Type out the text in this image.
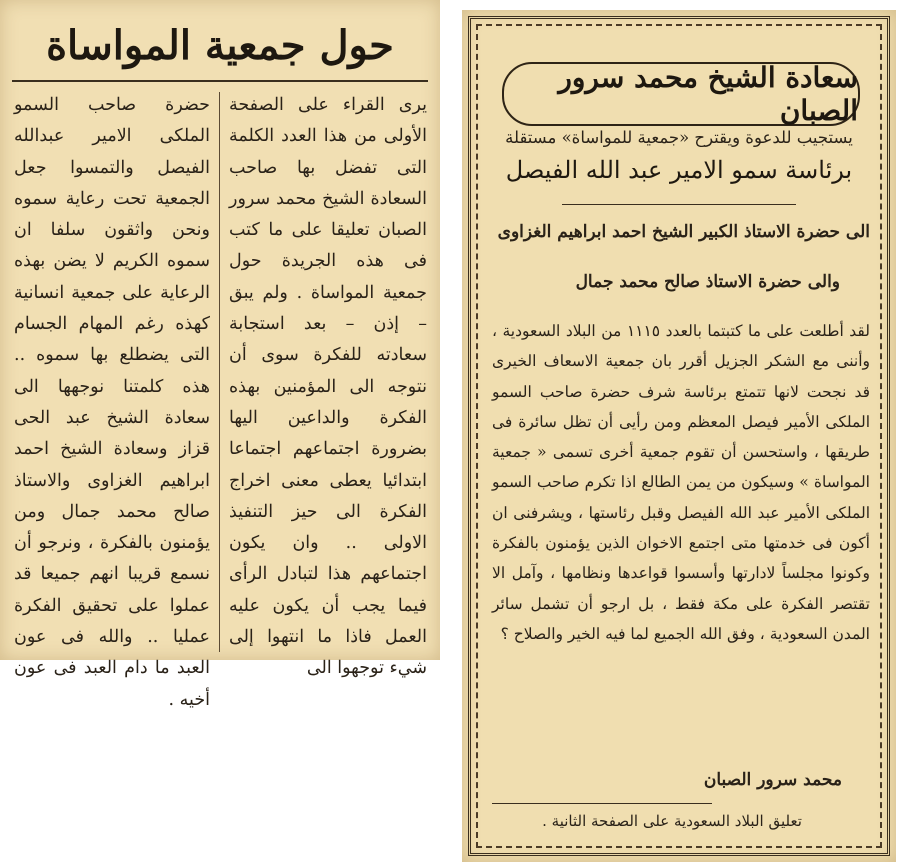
حول جمعية المواساة

يرى القراء على الصفحة الأولى من هذا العدد الكلمة التى تفضل بها صاحب السعادة الشيخ محمد سرور الصبان تعليقا على ما كتب فى هذه الجريدة حول جمعية المواساة . ولم يبق – إذن – بعد استجابة سعادته للفكرة سوى أن نتوجه الى المؤمنين بهذه الفكرة والداعين اليها بضرورة اجتماعهم اجتماعا ابتدائيا يعطى معنى اخراج الفكرة الى حيز التنفيذ الاولى .. وان يكون اجتماعهم هذا لتبادل الرأى فيما يجب أن يكون عليه العمل فاذا ما انتهوا إلى شيء توجهوا الى

حضرة صاحب السمو الملكى الامير عبدالله الفيصل والتمسوا جعل الجمعية تحت رعاية سموه ونحن واثقون سلفا ان سموه الكريم لا يضن بهذه الرعاية على جمعية انسانية كهذه رغم المهام الجسام التى يضطلع بها سموه .. هذه كلمتنا نوجهها الى سعادة الشيخ عبد الحى قزاز وسعادة الشيخ احمد ابراهيم الغزاوى والاستاذ صالح محمد جمال ومن يؤمنون بالفكرة ، ونرجو أن نسمع قريبا انهم جميعا قد عملوا على تحقيق الفكرة عمليا .. والله فى عون العبد ما دام العبد فى عون أخيه .

سعادة الشيخ محمد سرور الصبان
يستجيب للدعوة ويقترح «جمعية للمواساة» مستقلة
برئاسة سمو الامير عبد الله الفيصل
الى حضرة الاستاذ الكبير الشيخ احمد ابراهيم الغزاوى
والى حضرة الاستاذ صالح محمد جمال
لقد أطلعت على ما كتبتما بالعدد ١١١٥ من البلاد السعودية ، وأننى مع الشكر الجزيل أقرر بان جمعية الاسعاف الخيرى قد نجحت لانها تتمتع برئاسة شرف حضرة صاحب السمو الملكى الأمير فيصل المعظم ومن رأيى أن تظل سائرة فى طريقها ، واستحسن أن تقوم جمعية أخرى تسمى « جمعية المواساة » وسيكون من يمن الطالع اذا تكرم صاحب السمو الملكى الأمير عبد الله الفيصل وقبل رئاستها ، ويشرفنى ان أكون فى خدمتها متى اجتمع الاخوان الذين يؤمنون بالفكرة وكونوا مجلساً لادارتها وأسسوا قواعدها ونظامها ، وآمل الا تقتصر الفكرة على مكة فقط ، بل ارجو أن تشمل سائر المدن السعودية ، وفق الله الجميع لما فيه الخير والصلاح ؟
محمد سرور الصبان
تعليق البلاد السعودية على الصفحة الثانية .
